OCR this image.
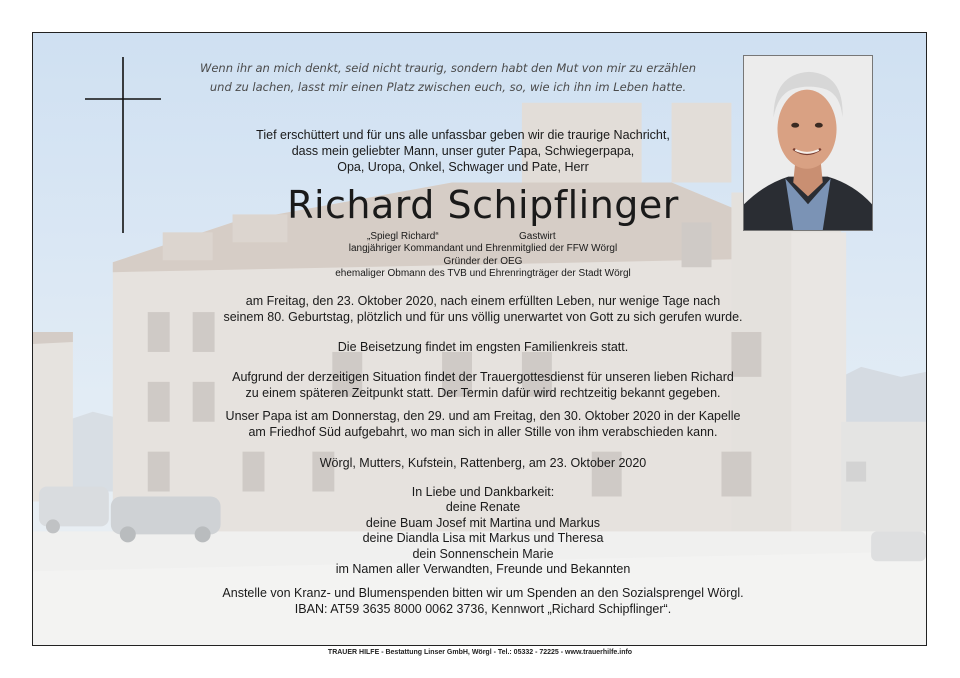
Wenn ihr an mich denkt, seid nicht traurig, sondern habt den Mut von mir zu erzählen
und zu lachen, lasst mir einen Platz zwischen euch, so, wie ich ihn im Leben hatte.
Tief erschüttert und für uns alle unfassbar geben wir die traurige Nachricht,
dass mein geliebter Mann, unser guter Papa, Schwiegerpapa,
Opa, Uropa, Onkel, Schwager und Pate, Herr
Richard Schipflinger
„Spiegl Richard“	Gastwirt
langjähriger Kommandant und Ehrenmitglied der FFW Wörgl
Gründer der OEG
ehemaliger Obmann des TVB und Ehrenringträger der Stadt Wörgl
am Freitag, den 23. Oktober 2020, nach einem erfüllten Leben, nur wenige Tage nach
seinem 80. Geburtstag, plötzlich und für uns völlig unerwartet von Gott zu sich gerufen wurde.
Die Beisetzung findet im engsten Familienkreis statt.
Aufgrund der derzeitigen Situation findet der Trauergottesdienst für unseren lieben Richard
zu einem späteren Zeitpunkt statt. Der Termin dafür wird rechtzeitig bekannt gegeben.
Unser Papa ist am Donnerstag, den 29. und am Freitag, den 30. Oktober 2020 in der Kapelle
am Friedhof Süd aufgebahrt, wo man sich in aller Stille von ihm verabschieden kann.
Wörgl, Mutters, Kufstein, Rattenberg, am 23. Oktober 2020
In Liebe und Dankbarkeit:
deine Renate
deine Buam Josef mit Martina und Markus
deine Diandla Lisa mit Markus und Theresa
dein Sonnenschein Marie
im Namen aller Verwandten, Freunde und Bekannten
Anstelle von Kranz- und Blumenspenden bitten wir um Spenden an den Sozialsprengel Wörgl.
IBAN: AT59 3635 8000 0062 3736, Kennwort „Richard Schipflinger“.
TRAUER HILFE - Bestattung Linser GmbH, Wörgl - Tel.: 05332 - 72225 - www.trauerhilfe.info
